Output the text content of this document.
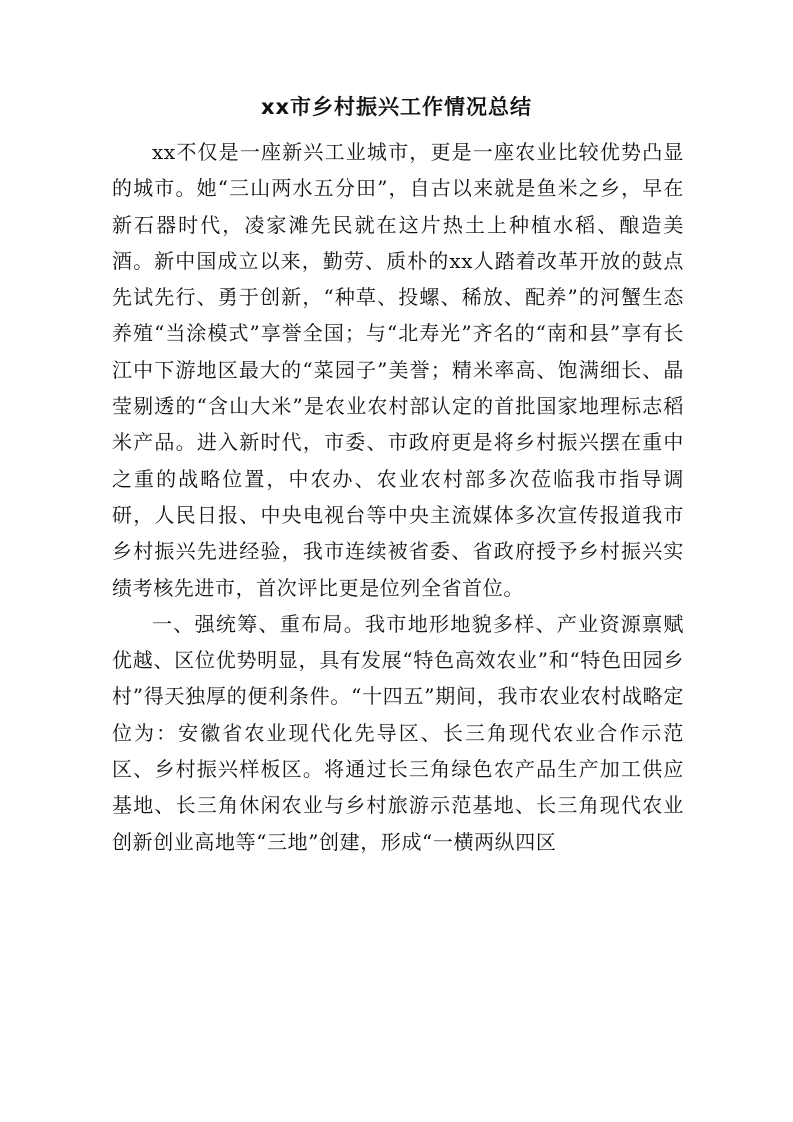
xx市乡村振兴工作情况总结

xx不仅是一座新兴工业城市，更是一座农业比较优势凸显的城市。她“三山两水五分田”，自古以来就是鱼米之乡，早在新石器时代，凌家滩先民就在这片热土上种植水稻、酿造美酒。新中国成立以来，勤劳、质朴的xx人踏着改革开放的鼓点先试先行、勇于创新，“种草、投螺、稀放、配养”的河蟹生态养殖“当涂模式”享誉全国；与“北寿光”齐名的“南和县”享有长江中下游地区最大的“菜园子”美誉；精米率高、饱满细长、晶莹剔透的“含山大米”是农业农村部认定的首批国家地理标志稻米产品。进入新时代，市委、市政府更是将乡村振兴摆在重中之重的战略位置，中农办、农业农村部多次莅临我市指导调研，人民日报、中央电视台等中央主流媒体多次宣传报道我市乡村振兴先进经验，我市连续被省委、省政府授予乡村振兴实绩考核先进市，首次评比更是位列全省首位。

一、强统筹、重布局。我市地形地貌多样、产业资源禀赋优越、区位优势明显，具有发展“特色高效农业”和“特色田园乡村”得天独厚的便利条件。“十四五”期间，我市农业农村战略定位为：安徽省农业现代化先导区、长三角现代农业合作示范区、乡村振兴样板区。将通过长三角绿色农产品生产加工供应基地、长三角休闲农业与乡村旅游示范基地、长三角现代农业创新创业高地等“三地”创建，形成“一横两纵四区
